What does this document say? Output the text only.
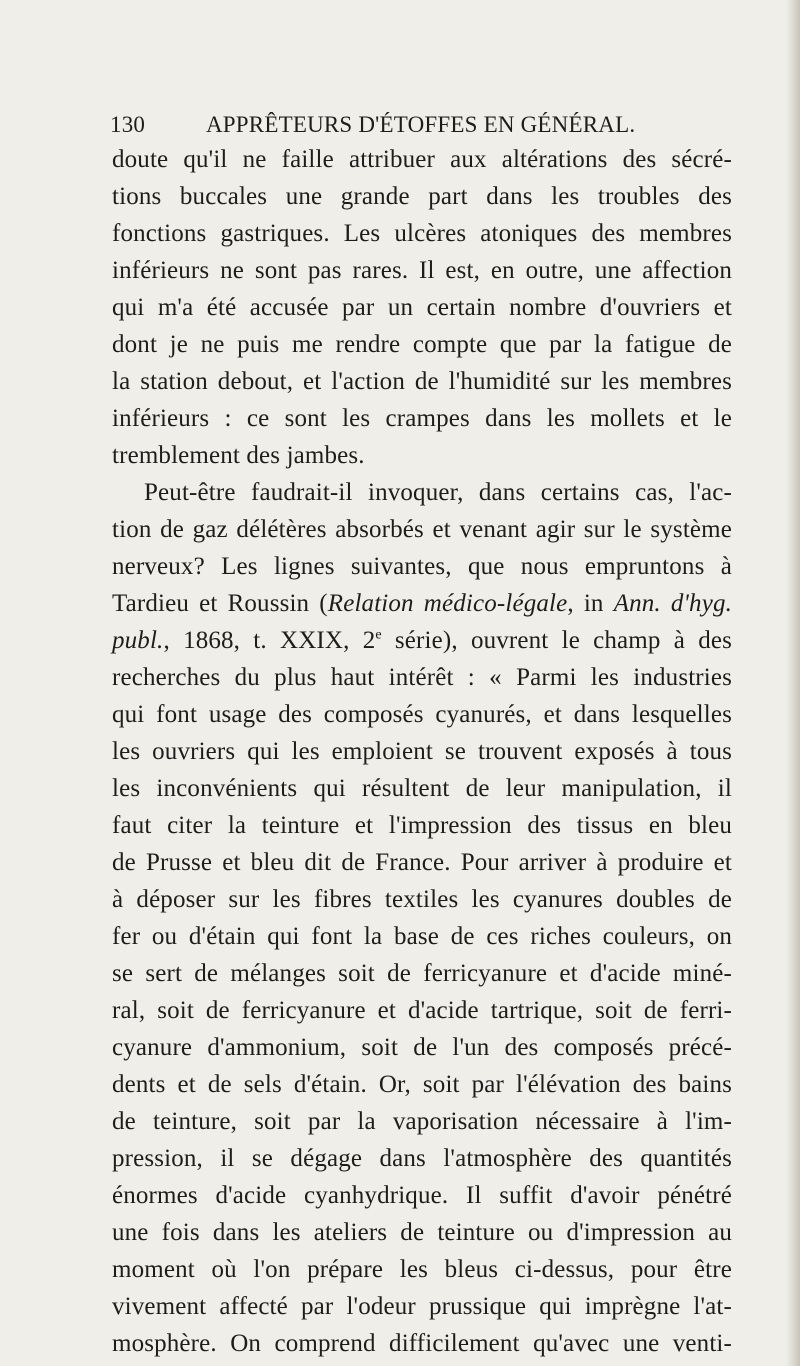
130	APPRÊTEURS D'ÉTOFFES EN GÉNÉRAL.
doute qu'il ne faille attribuer aux altérations des sécré-
tions buccales une grande part dans les troubles des
fonctions gastriques. Les ulcères atoniques des membres
inférieurs ne sont pas rares. Il est, en outre, une affection
qui m'a été accusée par un certain nombre d'ouvriers et
dont je ne puis me rendre compte que par la fatigue de
la station debout, et l'action de l'humidité sur les membres
inférieurs : ce sont les crampes dans les mollets et le
tremblement des jambes.
Peut-être faudrait-il invoquer, dans certains cas, l'ac-
tion de gaz délétères absorbés et venant agir sur le système
nerveux? Les lignes suivantes, que nous empruntons à
Tardieu et Roussin (Relation médico-légale, in Ann. d'hyg.
publ., 1868, t. XXIX, 2e série), ouvrent le champ à des
recherches du plus haut intérêt : « Parmi les industries
qui font usage des composés cyanurés, et dans lesquelles
les ouvriers qui les emploient se trouvent exposés à tous
les inconvénients qui résultent de leur manipulation, il
faut citer la teinture et l'impression des tissus en bleu
de Prusse et bleu dit de France. Pour arriver à produire et
à déposer sur les fibres textiles les cyanures doubles de
fer ou d'étain qui font la base de ces riches couleurs, on
se sert de mélanges soit de ferricyanure et d'acide miné-
ral, soit de ferricyanure et d'acide tartrique, soit de ferri-
cyanure d'ammonium, soit de l'un des composés précé-
dents et de sels d'étain. Or, soit par l'élévation des bains
de teinture, soit par la vaporisation nécessaire à l'im-
pression, il se dégage dans l'atmosphère des quantités
énormes d'acide cyanhydrique. Il suffit d'avoir pénétré
une fois dans les ateliers de teinture ou d'impression au
moment où l'on prépare les bleus ci-dessus, pour être
vivement affecté par l'odeur prussique qui imprègne l'at-
mosphère. On comprend difficilement qu'avec une venti-
